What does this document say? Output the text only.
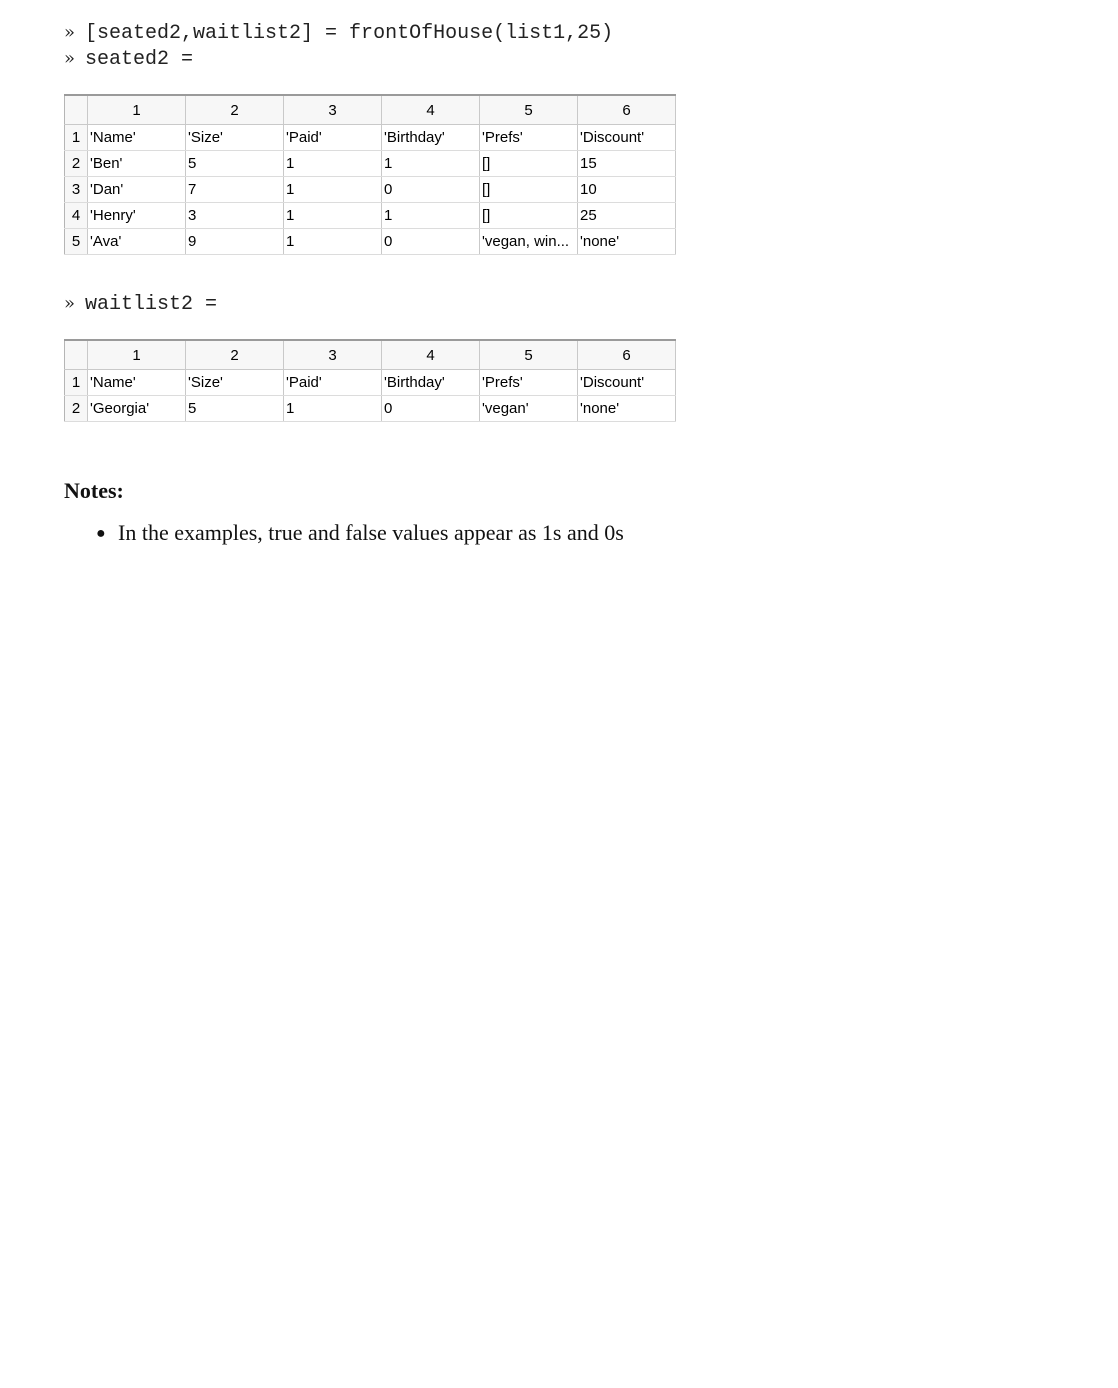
» [seated2,waitlist2] = frontOfHouse(list1,25)
» seated2 =
	1	2	3	4	5	6
1	'Name'	'Size'	'Paid'	'Birthday'	'Prefs'	'Discount'
2	'Ben'	5	1	1	[]	15
3	'Dan'	7	1	0	[]	10
4	'Henry'	3	1	1	[]	25
5	'Ava'	9	1	0	'vegan, win...	'none'
» waitlist2 =
	1	2	3	4	5	6
1	'Name'	'Size'	'Paid'	'Birthday'	'Prefs'	'Discount'
2	'Georgia'	5	1	0	'vegan'	'none'
Notes:
● In the examples, true and false values appear as 1s and 0s
